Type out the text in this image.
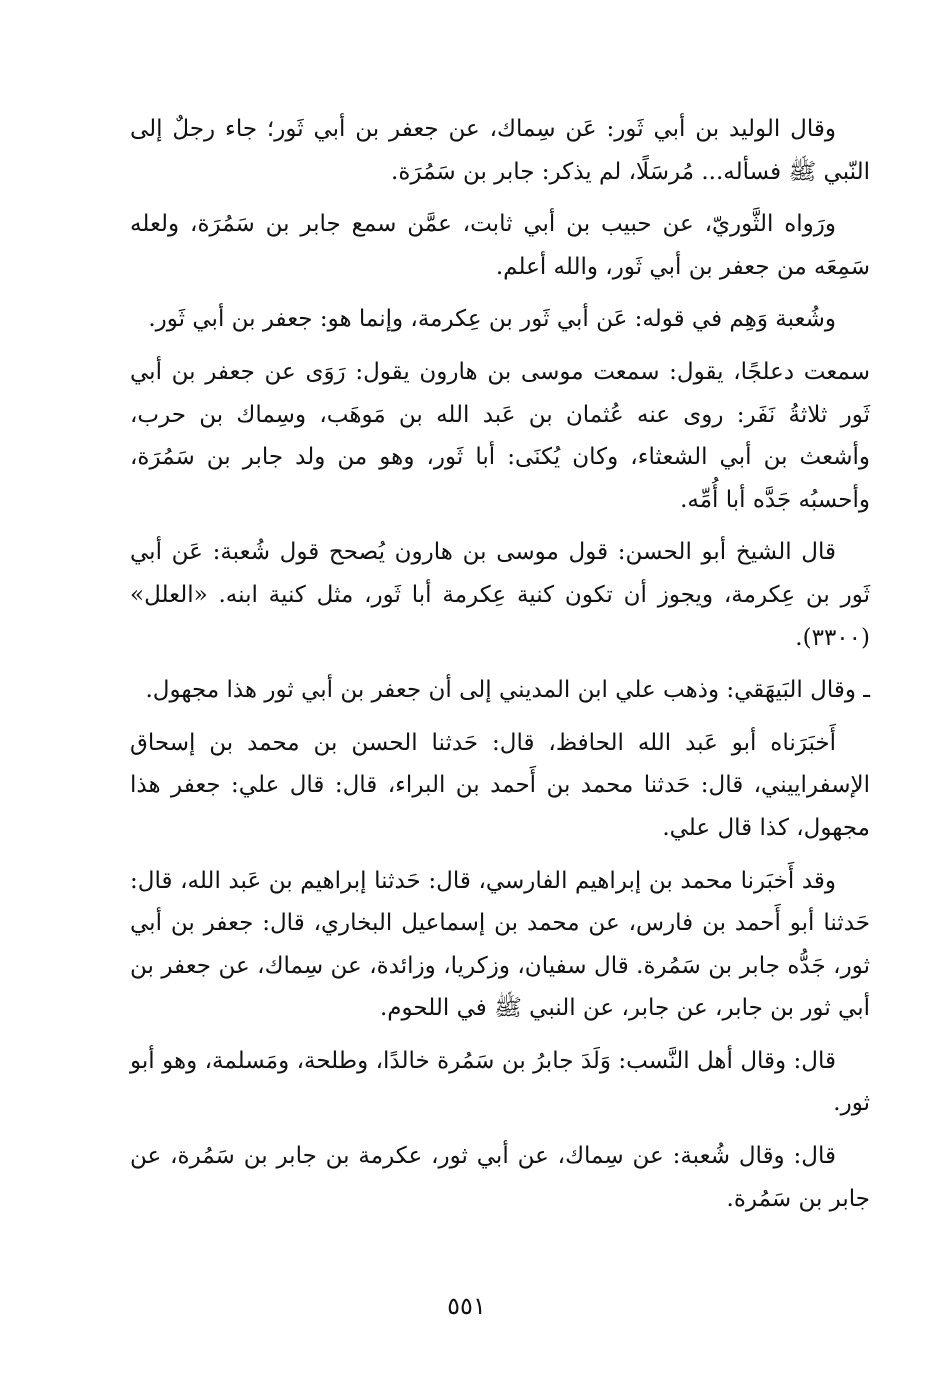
وقال الوليد بن أبي ثَور: عَن سِماك، عن جعفر بن أبي ثَور؛ جاء رجلٌ إلى النّبي ﷺ فسأله... مُرسَلًا، لم يذكر: جابر بن سَمُرَة.

ورَواه الثَّوريّ، عن حبيب بن أبي ثابت، عمَّن سمع جابر بن سَمُرَة، ولعله سَمِعَه من جعفر بن أبي ثَور، والله أعلم.

وشُعبة وَهِم في قوله: عَن أبي ثَور بن عِكرمة، وإنما هو: جعفر بن أبي ثَور.

سمعت دعلجًا، يقول: سمعت موسى بن هارون يقول: رَوَى عن جعفر بن أبي ثَور ثلاثةُ نَفَر: روى عنه عُثمان بن عَبد الله بن مَوهَب، وسِماك بن حرب، وأشعث بن أبي الشعثاء، وكان يُكنَى: أبا ثَور، وهو من ولد جابر بن سَمُرَة، وأحسبُه جَدَّه أبا أُمِّه.

قال الشيخ أبو الحسن: قول موسى بن هارون يُصحح قول شُعبة: عَن أبي ثَور بن عِكرمة، ويجوز أن تكون كنية عِكرمة أبا ثَور، مثل كنية ابنه. «العلل» (٣٣٠٠).

ـ وقال البَيهَقي: وذهب علي ابن المديني إلى أن جعفر بن أبي ثور هذا مجهول.

أَخبَرَناه أبو عَبد الله الحافظ، قال: حَدثنا الحسن بن محمد بن إسحاق الإسفراييني، قال: حَدثنا محمد بن أَحمد بن البراء، قال: قال علي: جعفر هذا مجهول، كذا قال علي.

وقد أَخبَرنا محمد بن إبراهيم الفارسي، قال: حَدثنا إبراهيم بن عَبد الله، قال: حَدثنا أبو أَحمد بن فارس، عن محمد بن إسماعيل البخاري، قال: جعفر بن أبي ثور، جَدُّه جابر بن سَمُرة. قال سفيان، وزكريا، وزائدة، عن سِماك، عن جعفر بن أبي ثور بن جابر، عن جابر، عن النبي ﷺ في اللحوم.

قال: وقال أهل النَّسب: وَلَدَ جابرُ بن سَمُرة خالدًا، وطلحة، ومَسلمة، وهو أبو ثور.

قال: وقال شُعبة: عن سِماك، عن أبي ثور، عكرمة بن جابر بن سَمُرة، عن جابر بن سَمُرة.

٥٥١
